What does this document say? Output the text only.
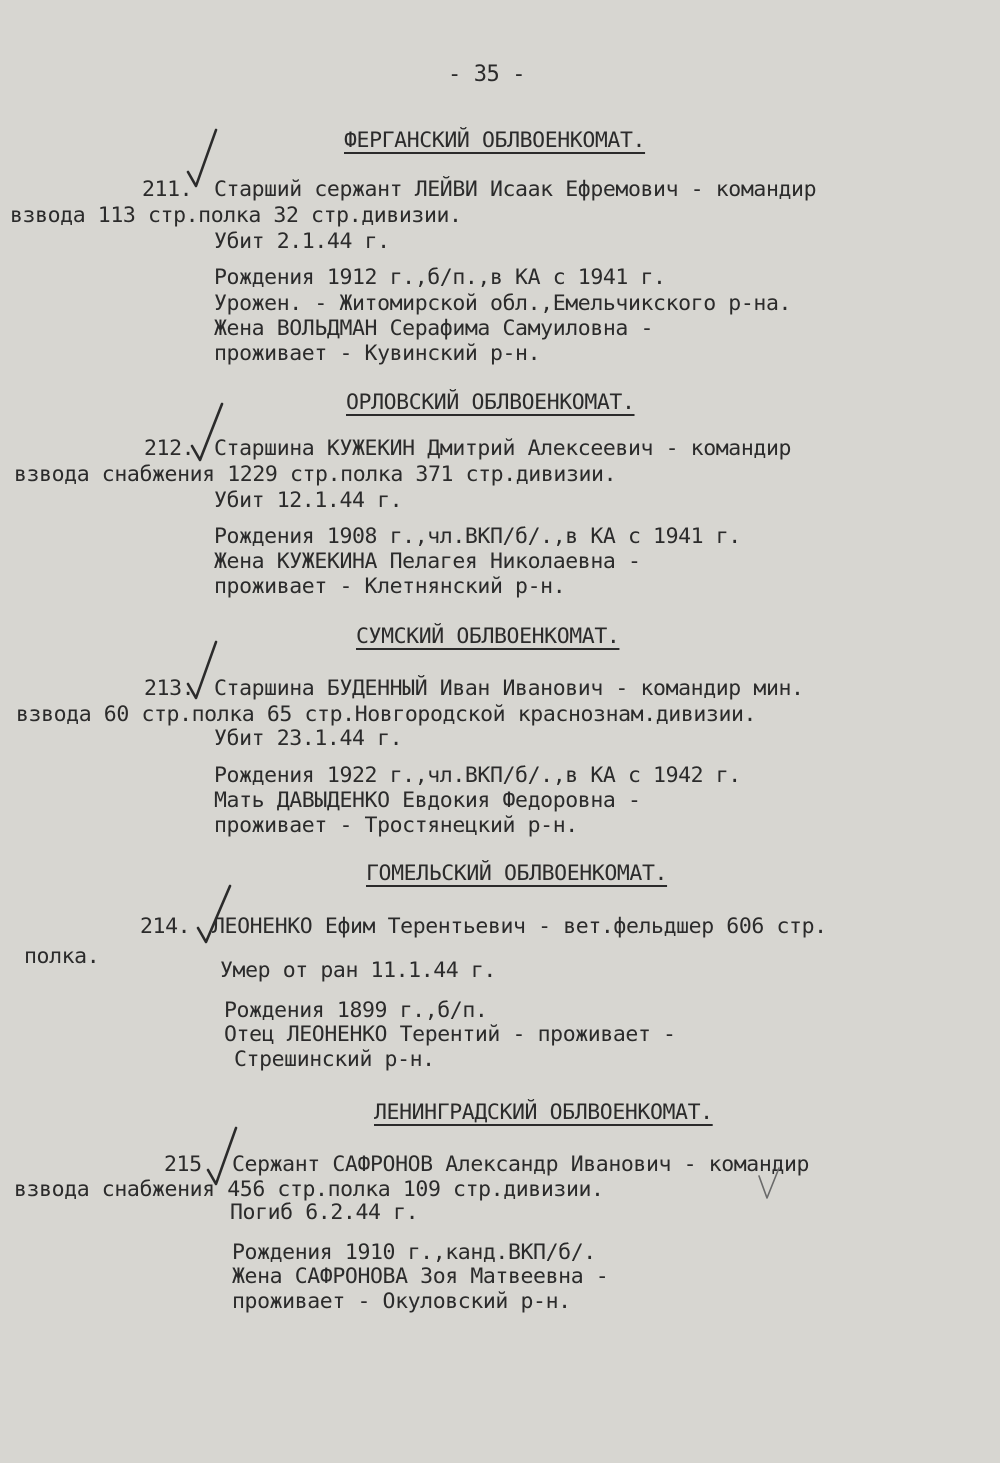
- 35 -
ФЕРГАНСКИЙ ОБЛВОЕНКОМАТ.
211. Старший сержант ЛЕЙВИ Исаак Ефремович - командир
взвода 113 стр.полка 32 стр.дивизии.
Убит 2.1.44 г.
Рождения 1912 г.,б/п.,в КА с 1941 г.
Урожен. - Житомирской обл.,Емельчикского р-на.
Жена ВОЛЬДМАН Серафима Самуиловна -
проживает - Кувинский р-н.
ОРЛОВСКИЙ ОБЛВОЕНКОМАТ.
212. Старшина КУЖЕКИН Дмитрий Алексеевич - командир
взвода снабжения 1229 стр.полка 371 стр.дивизии.
Убит 12.1.44 г.
Рождения 1908 г.,чл.ВКП/б/.,в КА с 1941 г.
Жена КУЖЕКИНА Пелагея Николаевна -
проживает - Клетнянский р-н.
СУМСКИЙ ОБЛВОЕНКОМАТ.
213. Старшина БУДЕННЫЙ Иван Иванович - командир мин.
взвода 60 стр.полка 65 стр.Новгородской краснознам.дивизии.
Убит 23.1.44 г.
Рождения 1922 г.,чл.ВКП/б/.,в КА с 1942 г.
Мать ДАВЫДЕНКО Евдокия Федоровна -
проживает - Тростянецкий р-н.
ГОМЕЛЬСКИЙ ОБЛВОЕНКОМАТ.
214. ЛЕОНЕНКО Ефим Терентьевич - вет.фельдшер 606 стр.
полка.
Умер от ран 11.1.44 г.
Рождения 1899 г.,б/п.
Отец ЛЕОНЕНКО Терентий - проживает -
Стрешинский р-н.
ЛЕНИНГРАДСКИЙ ОБЛВОЕНКОМАТ.
215 Сержант САФРОНОВ Александр Иванович - командир
взвода снабжения 456 стр.полка 109 стр.дивизии.
Погиб 6.2.44 г.
Рождения 1910 г.,канд.ВКП/б/.
Жена САФРОНОВА Зоя Матвеевна -
проживает - Окуловский р-н.
